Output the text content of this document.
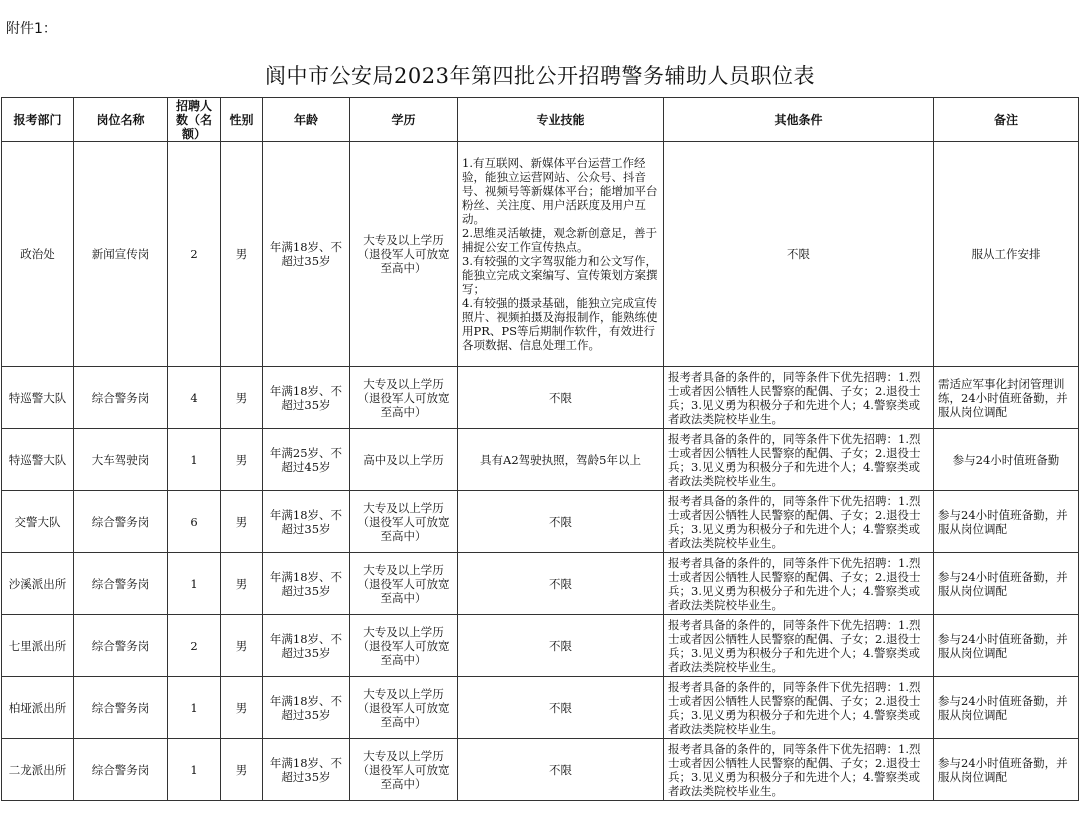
附件1：
阆中市公安局2023年第四批公开招聘警务辅助人员职位表
报考部门	岗位名称	招聘人数（名额）	性别	年龄	学历	专业技能	其他条件	备注
政治处	新闻宣传岗	2	男	年满18岁、不超过35岁	大专及以上学历（退役军人可放宽至高中）	1.有互联网、新媒体平台运营工作经验，能独立运营网站、公众号、抖音号、视频号等新媒体平台；能增加平台粉丝、关注度、用户活跃度及用户互动。
2.思维灵活敏捷，观念新创意足，善于捕捉公安工作宣传热点。
3.有较强的文字驾驭能力和公文写作，能独立完成文案编写、宣传策划方案撰写；
4.有较强的摄录基础，能独立完成宣传照片、视频拍摄及海报制作，能熟练使用PR、PS等后期制作软件，有效进行各项数据、信息处理工作。	不限	服从工作安排
特巡警大队	综合警务岗	4	男	年满18岁、不超过35岁	大专及以上学历（退役军人可放宽至高中）	不限	报考者具备的条件的，同等条件下优先招聘：1.烈士或者因公牺牲人民警察的配偶、子女；2.退役士兵；3.见义勇为积极分子和先进个人；4.警察类或者政法类院校毕业生。	需适应军事化封闭管理训练，24小时值班备勤，并服从岗位调配
特巡警大队	大车驾驶岗	1	男	年满25岁、不超过45岁	高中及以上学历	具有A2驾驶执照，驾龄5年以上	报考者具备的条件的，同等条件下优先招聘：1.烈士或者因公牺牲人民警察的配偶、子女；2.退役士兵；3.见义勇为积极分子和先进个人；4.警察类或者政法类院校毕业生。	参与24小时值班备勤
交警大队	综合警务岗	6	男	年满18岁、不超过35岁	大专及以上学历（退役军人可放宽至高中）	不限	报考者具备的条件的，同等条件下优先招聘：1.烈士或者因公牺牲人民警察的配偶、子女；2.退役士兵；3.见义勇为积极分子和先进个人；4.警察类或者政法类院校毕业生。	参与24小时值班备勤，并服从岗位调配
沙溪派出所	综合警务岗	1	男	年满18岁、不超过35岁	大专及以上学历（退役军人可放宽至高中）	不限	报考者具备的条件的，同等条件下优先招聘：1.烈士或者因公牺牲人民警察的配偶、子女；2.退役士兵；3.见义勇为积极分子和先进个人；4.警察类或者政法类院校毕业生。	参与24小时值班备勤，并服从岗位调配
七里派出所	综合警务岗	2	男	年满18岁、不超过35岁	大专及以上学历（退役军人可放宽至高中）	不限	报考者具备的条件的，同等条件下优先招聘：1.烈士或者因公牺牲人民警察的配偶、子女；2.退役士兵；3.见义勇为积极分子和先进个人；4.警察类或者政法类院校毕业生。	参与24小时值班备勤，并服从岗位调配
柏垭派出所	综合警务岗	1	男	年满18岁、不超过35岁	大专及以上学历（退役军人可放宽至高中）	不限	报考者具备的条件的，同等条件下优先招聘：1.烈士或者因公牺牲人民警察的配偶、子女；2.退役士兵；3.见义勇为积极分子和先进个人；4.警察类或者政法类院校毕业生。	参与24小时值班备勤，并服从岗位调配
二龙派出所	综合警务岗	1	男	年满18岁、不超过35岁	大专及以上学历（退役军人可放宽至高中）	不限	报考者具备的条件的，同等条件下优先招聘：1.烈士或者因公牺牲人民警察的配偶、子女；2.退役士兵；3.见义勇为积极分子和先进个人；4.警察类或者政法类院校毕业生。	参与24小时值班备勤，并服从岗位调配
